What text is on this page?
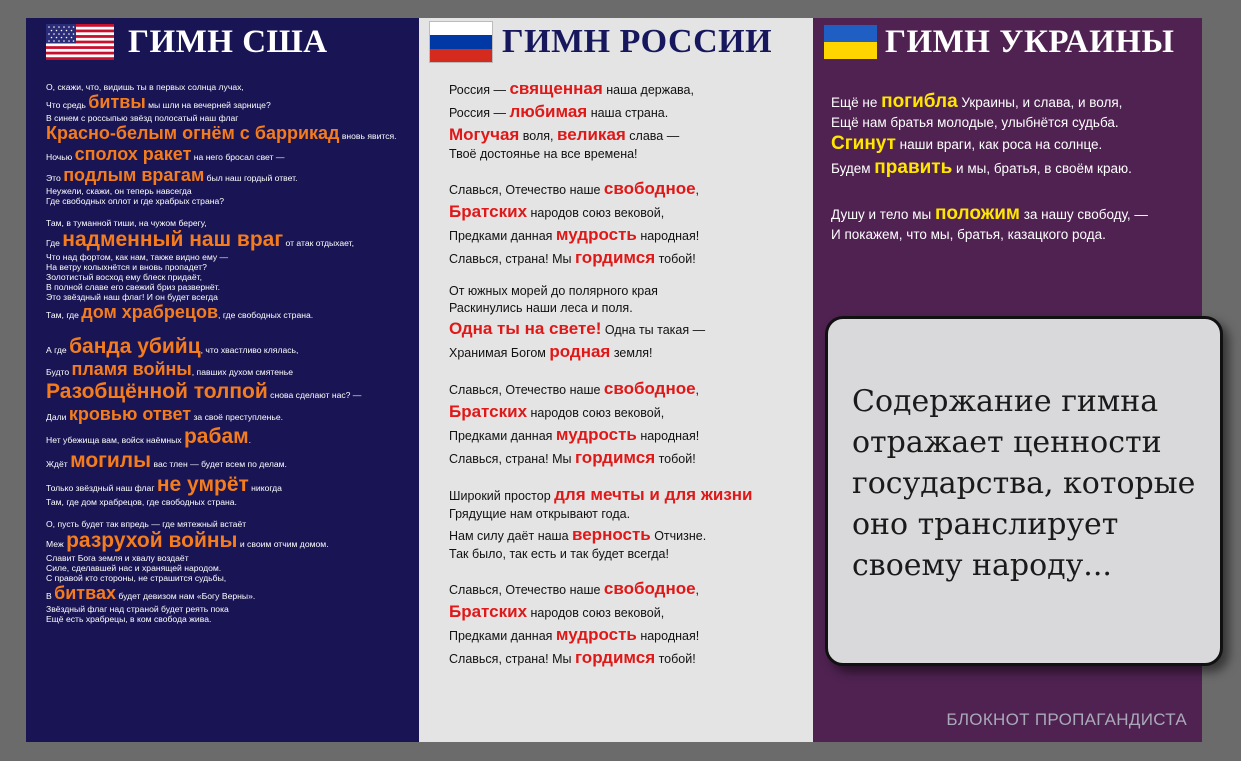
ГИМН США
О, скажи, что, видишь ты в первых солнца лучах,
Что средь битвы мы шли на вечерней зарнице?
В синем с россыпью звёзд полосатый наш флаг
Красно-белым огнём с баррикад вновь явится.
Ночью сполох ракет на него бросал свет —
Это подлым врагам был наш гордый ответ.
Неужели, скажи, он теперь навсегда
Где свободных оплот и где храбрых страна?
Там, в туманной тиши, на чужом берегу,
Где надменный наш враг от атак отдыхает,
Что над фортом, как нам, также видно ему —
На ветру колыхнётся и вновь пропадет?
Золотистый восход ему блеск придаёт,
В полной славе его свежий бриз развернёт.
Это звёздный наш флаг! И он будет всегда
Там, где дом храбрецов, где свободных страна.
А где банда убийц, что хвастливо клялась,
Будто пламя войны, павших духом смятенье
Разобщённой толпой снова сделают нас? —
Дали кровью ответ за своё преступленье.
Нет убежища вам, войск наёмных рабам.
Ждёт могилы вас тлен — будет всем по делам.
Только звёздный наш флаг не умрёт никогда
Там, где дом храбрецов, где свободных страна.
О, пусть будет так впредь — где мятежный встаёт
Меж разрухой войны и своим отчим домом.
Славит Бога земля и хвалу воздаёт
Силе, сделавшей нас и хранящей народом.
С правой кто стороны, не страшится судьбы,
В битвах будет девизом нам «Богу Верны».
Звёздный флаг над страной будет реять пока
Ещё есть храбрецы, в ком свобода жива.
ГИМН РОССИИ
Россия — священная наша держава,
Россия — любимая наша страна.
Могучая воля, великая слава —
Твоё достоянье на все времена!
Славься, Отечество наше свободное,
Братских народов союз вековой,
Предками данная мудрость народная!
Славься, страна! Мы гордимся тобой!
От южных морей до полярного края
Раскинулись наши леса и поля.
Одна ты на свете! Одна ты такая —
Хранимая Богом родная земля!
Славься, Отечество наше свободное,
Братских народов союз вековой,
Предками данная мудрость народная!
Славься, страна! Мы гордимся тобой!
Широкий простор для мечты и для жизни
Грядущие нам открывают года.
Нам силу даёт наша верность Отчизне.
Так было, так есть и так будет всегда!
Славься, Отечество наше свободное,
Братских народов союз вековой,
Предками данная мудрость народная!
Славься, страна! Мы гордимся тобой!
ГИМН УКРАИНЫ
Ещё не погибла Украины, и слава, и воля,
Ещё нам братья молодые, улыбнётся судьба.
Сгинут наши враги, как роса на солнце.
Будем править и мы, братья, в своём краю.
Душу и тело мы положим за нашу свободу, —
И покажем, что мы, братья, казацкого рода.
Содержание гимна отражает ценности государства, которые оно транслирует своему народу...
БЛОКНОТ ПРОПАГАНДИСТА
